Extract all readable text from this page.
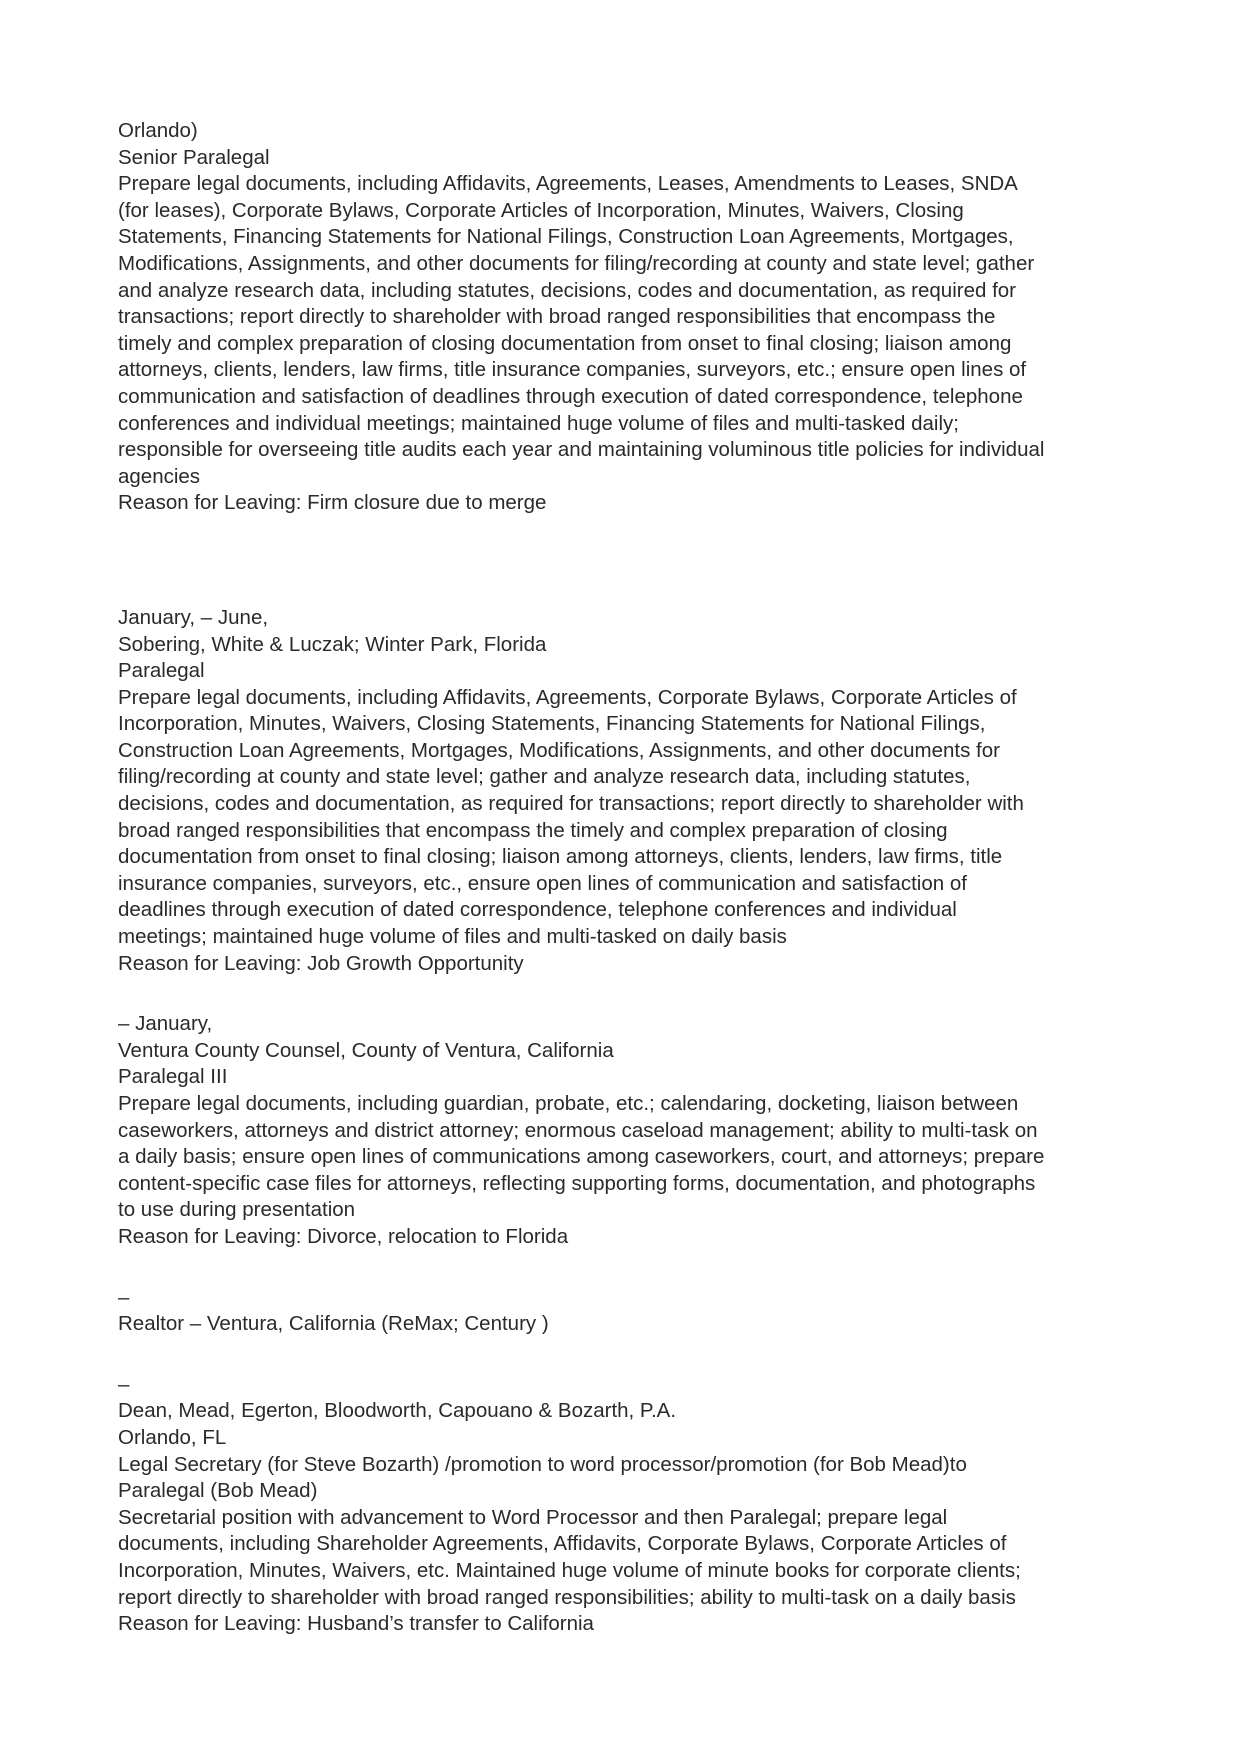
Orlando)
Senior Paralegal
Prepare legal documents, including Affidavits, Agreements, Leases, Amendments to Leases, SNDA
(for leases), Corporate Bylaws, Corporate Articles of Incorporation, Minutes, Waivers, Closing
Statements, Financing Statements for National Filings, Construction Loan Agreements, Mortgages,
Modifications, Assignments, and other documents for filing/recording at county and state level; gather
and analyze research data, including statutes, decisions, codes and documentation, as required for
transactions; report directly to shareholder with broad ranged responsibilities that encompass the
timely and complex preparation of closing documentation from onset to final closing; liaison among
attorneys, clients, lenders, law firms, title insurance companies, surveyors, etc.; ensure open lines of
communication and satisfaction of deadlines through execution of dated correspondence, telephone
conferences and individual meetings; maintained huge volume of files and multi-tasked daily;
responsible for overseeing title audits each year and maintaining voluminous title policies for individual
agencies
Reason for Leaving: Firm closure due to merge
January, – June,
Sobering, White & Luczak; Winter Park, Florida
Paralegal
Prepare legal documents, including Affidavits, Agreements, Corporate Bylaws, Corporate Articles of
Incorporation, Minutes, Waivers, Closing Statements, Financing Statements for National Filings,
Construction Loan Agreements, Mortgages, Modifications, Assignments, and other documents for
filing/recording at county and state level; gather and analyze research data, including statutes,
decisions, codes and documentation, as required for transactions; report directly to shareholder with
broad ranged responsibilities that encompass the timely and complex preparation of closing
documentation from onset to final closing; liaison among attorneys, clients, lenders, law firms, title
insurance companies, surveyors, etc., ensure open lines of communication and satisfaction of
deadlines through execution of dated correspondence, telephone conferences and individual
meetings; maintained huge volume of files and multi-tasked on daily basis
Reason for Leaving: Job Growth Opportunity
– January,
Ventura County Counsel, County of Ventura, California
Paralegal III
Prepare legal documents, including guardian, probate, etc.; calendaring, docketing, liaison between
caseworkers, attorneys and district attorney; enormous caseload management; ability to multi-task on
a daily basis; ensure open lines of communications among caseworkers, court, and attorneys; prepare
content-specific case files for attorneys, reflecting supporting forms, documentation, and photographs
to use during presentation
Reason for Leaving: Divorce, relocation to Florida
–
Realtor – Ventura, California (ReMax; Century )
–
Dean, Mead, Egerton, Bloodworth, Capouano & Bozarth, P.A.
Orlando, FL
Legal Secretary (for Steve Bozarth) /promotion to word processor/promotion (for Bob Mead)to
Paralegal (Bob Mead)
Secretarial position with advancement to Word Processor and then Paralegal; prepare legal
documents, including Shareholder Agreements, Affidavits, Corporate Bylaws, Corporate Articles of
Incorporation, Minutes, Waivers, etc. Maintained huge volume of minute books for corporate clients;
report directly to shareholder with broad ranged responsibilities; ability to multi-task on a daily basis
Reason for Leaving: Husband’s transfer to California
